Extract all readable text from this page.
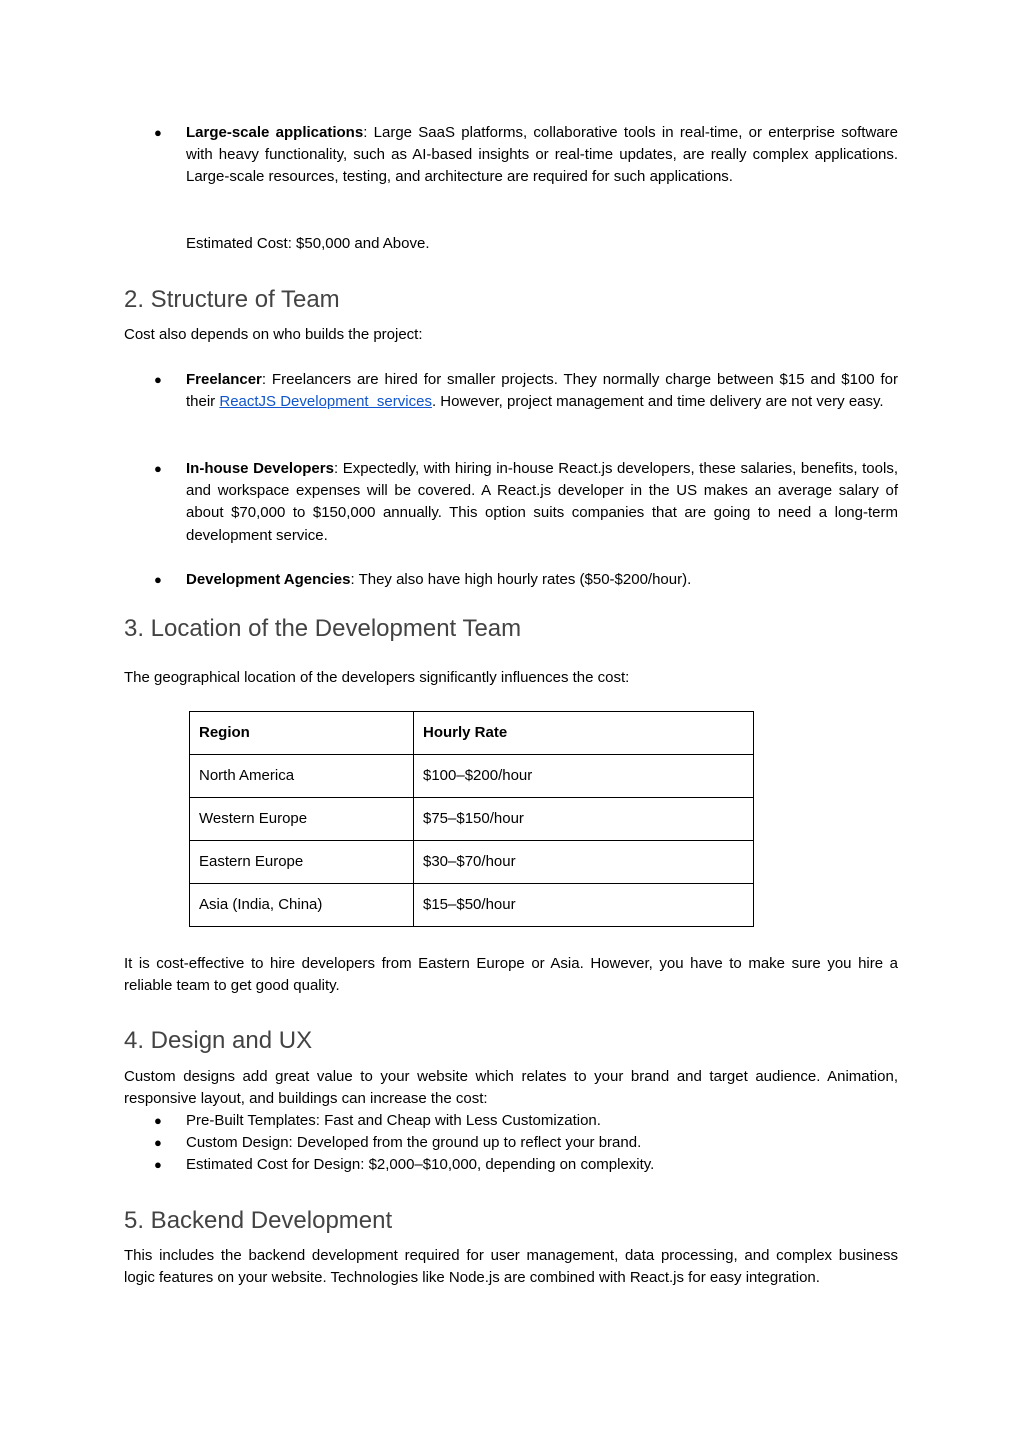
● Large-scale applications: Large SaaS platforms, collaborative tools in real-time, or enterprise software with heavy functionality, such as AI-based insights or real-time updates, are really complex applications. Large-scale resources, testing, and architecture are required for such applications.

Estimated Cost: $50,000 and Above.

2. Structure of Team

Cost also depends on who builds the project:

● Freelancer: Freelancers are hired for smaller projects. They normally charge between $15 and $100 for their ReactJS Development  services. However, project management and time delivery are not very easy.

● In-house Developers: Expectedly, with hiring in-house React.js developers, these salaries, benefits, tools, and workspace expenses will be covered. A React.js developer in the US makes an average salary of about $70,000 to $150,000 annually. This option suits companies that are going to need a long-term development service.

● Development Agencies: They also have high hourly rates ($50-$200/hour).

3. Location of the Development Team

The geographical location of the developers significantly influences the cost:

Region	Hourly Rate
North America	$100–$200/hour
Western Europe	$75–$150/hour
Eastern Europe	$30–$70/hour
Asia (India, China)	$15–$50/hour

It is cost-effective to hire developers from Eastern Europe or Asia. However, you have to make sure you hire a reliable team to get good quality.

4. Design and UX

Custom designs add great value to your website which relates to your brand and target audience. Animation, responsive layout, and buildings can increase the cost:

● Pre-Built Templates: Fast and Cheap with Less Customization.

● Custom Design: Developed from the ground up to reflect your brand.

● Estimated Cost for Design: $2,000–$10,000, depending on complexity.

5. Backend Development

This includes the backend development required for user management, data processing, and complex business logic features on your website. Technologies like Node.js are combined with React.js for easy integration.
